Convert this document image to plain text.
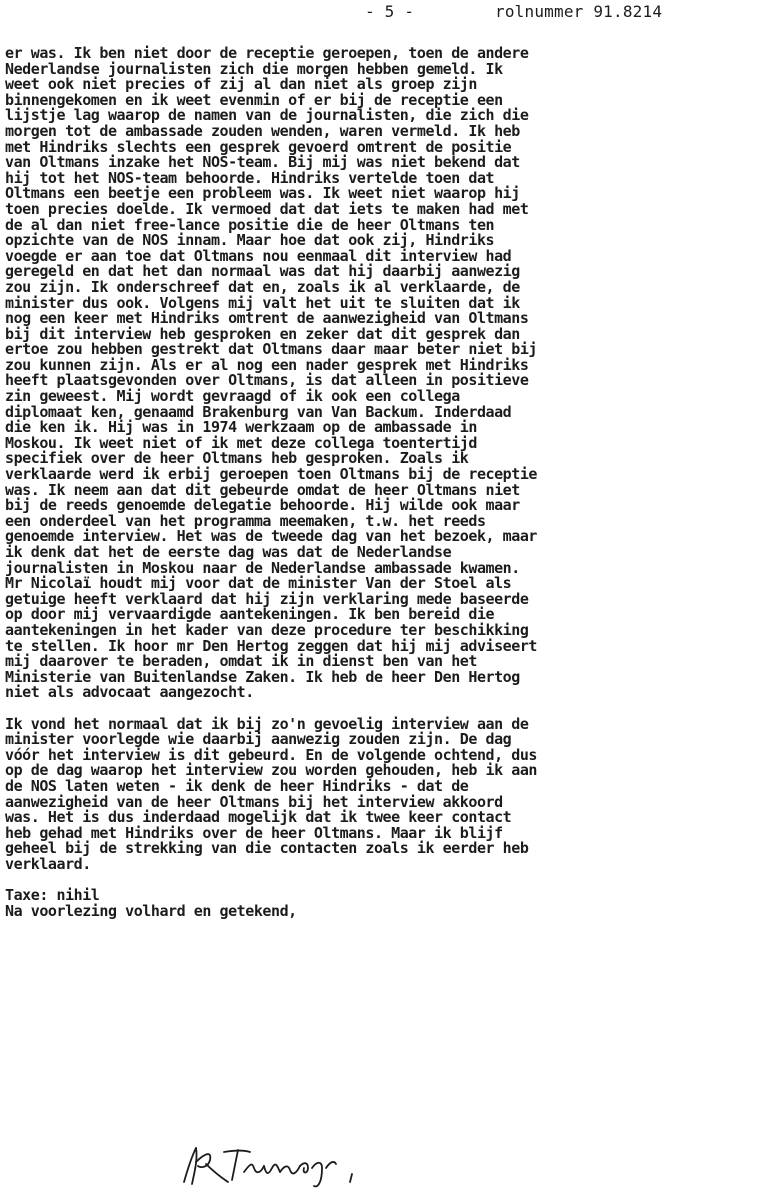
- 5 -	rolnummer 91.8214
er was. Ik ben niet door de receptie geroepen, toen de andere
Nederlandse journalisten zich die morgen hebben gemeld. Ik
weet ook niet precies of zij al dan niet als groep zijn
binnengekomen en ik weet evenmin of er bij de receptie een
lijstje lag waarop de namen van de journalisten, die zich die
morgen tot de ambassade zouden wenden, waren vermeld. Ik heb
met Hindriks slechts een gesprek gevoerd omtrent de positie
van Oltmans inzake het NOS-team. Bij mij was niet bekend dat
hij tot het NOS-team behoorde. Hindriks vertelde toen dat
Oltmans een beetje een probleem was. Ik weet niet waarop hij
toen precies doelde. Ik vermoed dat dat iets te maken had met
de al dan niet free-lance positie die de heer Oltmans ten
opzichte van de NOS innam. Maar hoe dat ook zij, Hindriks
voegde er aan toe dat Oltmans nou eenmaal dit interview had
geregeld en dat het dan normaal was dat hij daarbij aanwezig
zou zijn. Ik onderschreef dat en, zoals ik al verklaarde, de
minister dus ook. Volgens mij valt het uit te sluiten dat ik
nog een keer met Hindriks omtrent de aanwezigheid van Oltmans
bij dit interview heb gesproken en zeker dat dit gesprek dan
ertoe zou hebben gestrekt dat Oltmans daar maar beter niet bij
zou kunnen zijn. Als er al nog een nader gesprek met Hindriks
heeft plaatsgevonden over Oltmans, is dat alleen in positieve
zin geweest. Mij wordt gevraagd of ik ook een collega
diplomaat ken, genaamd Brakenburg van Van Backum. Inderdaad
die ken ik. Hij was in 1974 werkzaam op de ambassade in
Moskou. Ik weet niet of ik met deze collega toentertijd
specifiek over de heer Oltmans heb gesproken. Zoals ik
verklaarde werd ik erbij geroepen toen Oltmans bij de receptie
was. Ik neem aan dat dit gebeurde omdat de heer Oltmans niet
bij de reeds genoemde delegatie behoorde. Hij wilde ook maar
een onderdeel van het programma meemaken, t.w. het reeds
genoemde interview. Het was de tweede dag van het bezoek, maar
ik denk dat het de eerste dag was dat de Nederlandse
journalisten in Moskou naar de Nederlandse ambassade kwamen.
Mr Nicolaï houdt mij voor dat de minister Van der Stoel als
getuige heeft verklaard dat hij zijn verklaring mede baseerde
op door mij vervaardigde aantekeningen. Ik ben bereid die
aantekeningen in het kader van deze procedure ter beschikking
te stellen. Ik hoor mr Den Hertog zeggen dat hij mij adviseert
mij daarover te beraden, omdat ik in dienst ben van het
Ministerie van Buitenlandse Zaken. Ik heb de heer Den Hertog
niet als advocaat aangezocht.
Ik vond het normaal dat ik bij zo'n gevoelig interview aan de
minister voorlegde wie daarbij aanwezig zouden zijn. De dag
vóór het interview is dit gebeurd. En de volgende ochtend, dus
op de dag waarop het interview zou worden gehouden, heb ik aan
de NOS laten weten - ik denk de heer Hindriks - dat de
aanwezigheid van de heer Oltmans bij het interview akkoord
was. Het is dus inderdaad mogelijk dat ik twee keer contact
heb gehad met Hindriks over de heer Oltmans. Maar ik blijf
geheel bij de strekking van die contacten zoals ik eerder heb
verklaard.
Taxe: nihil
Na voorlezing volhard en getekend,
